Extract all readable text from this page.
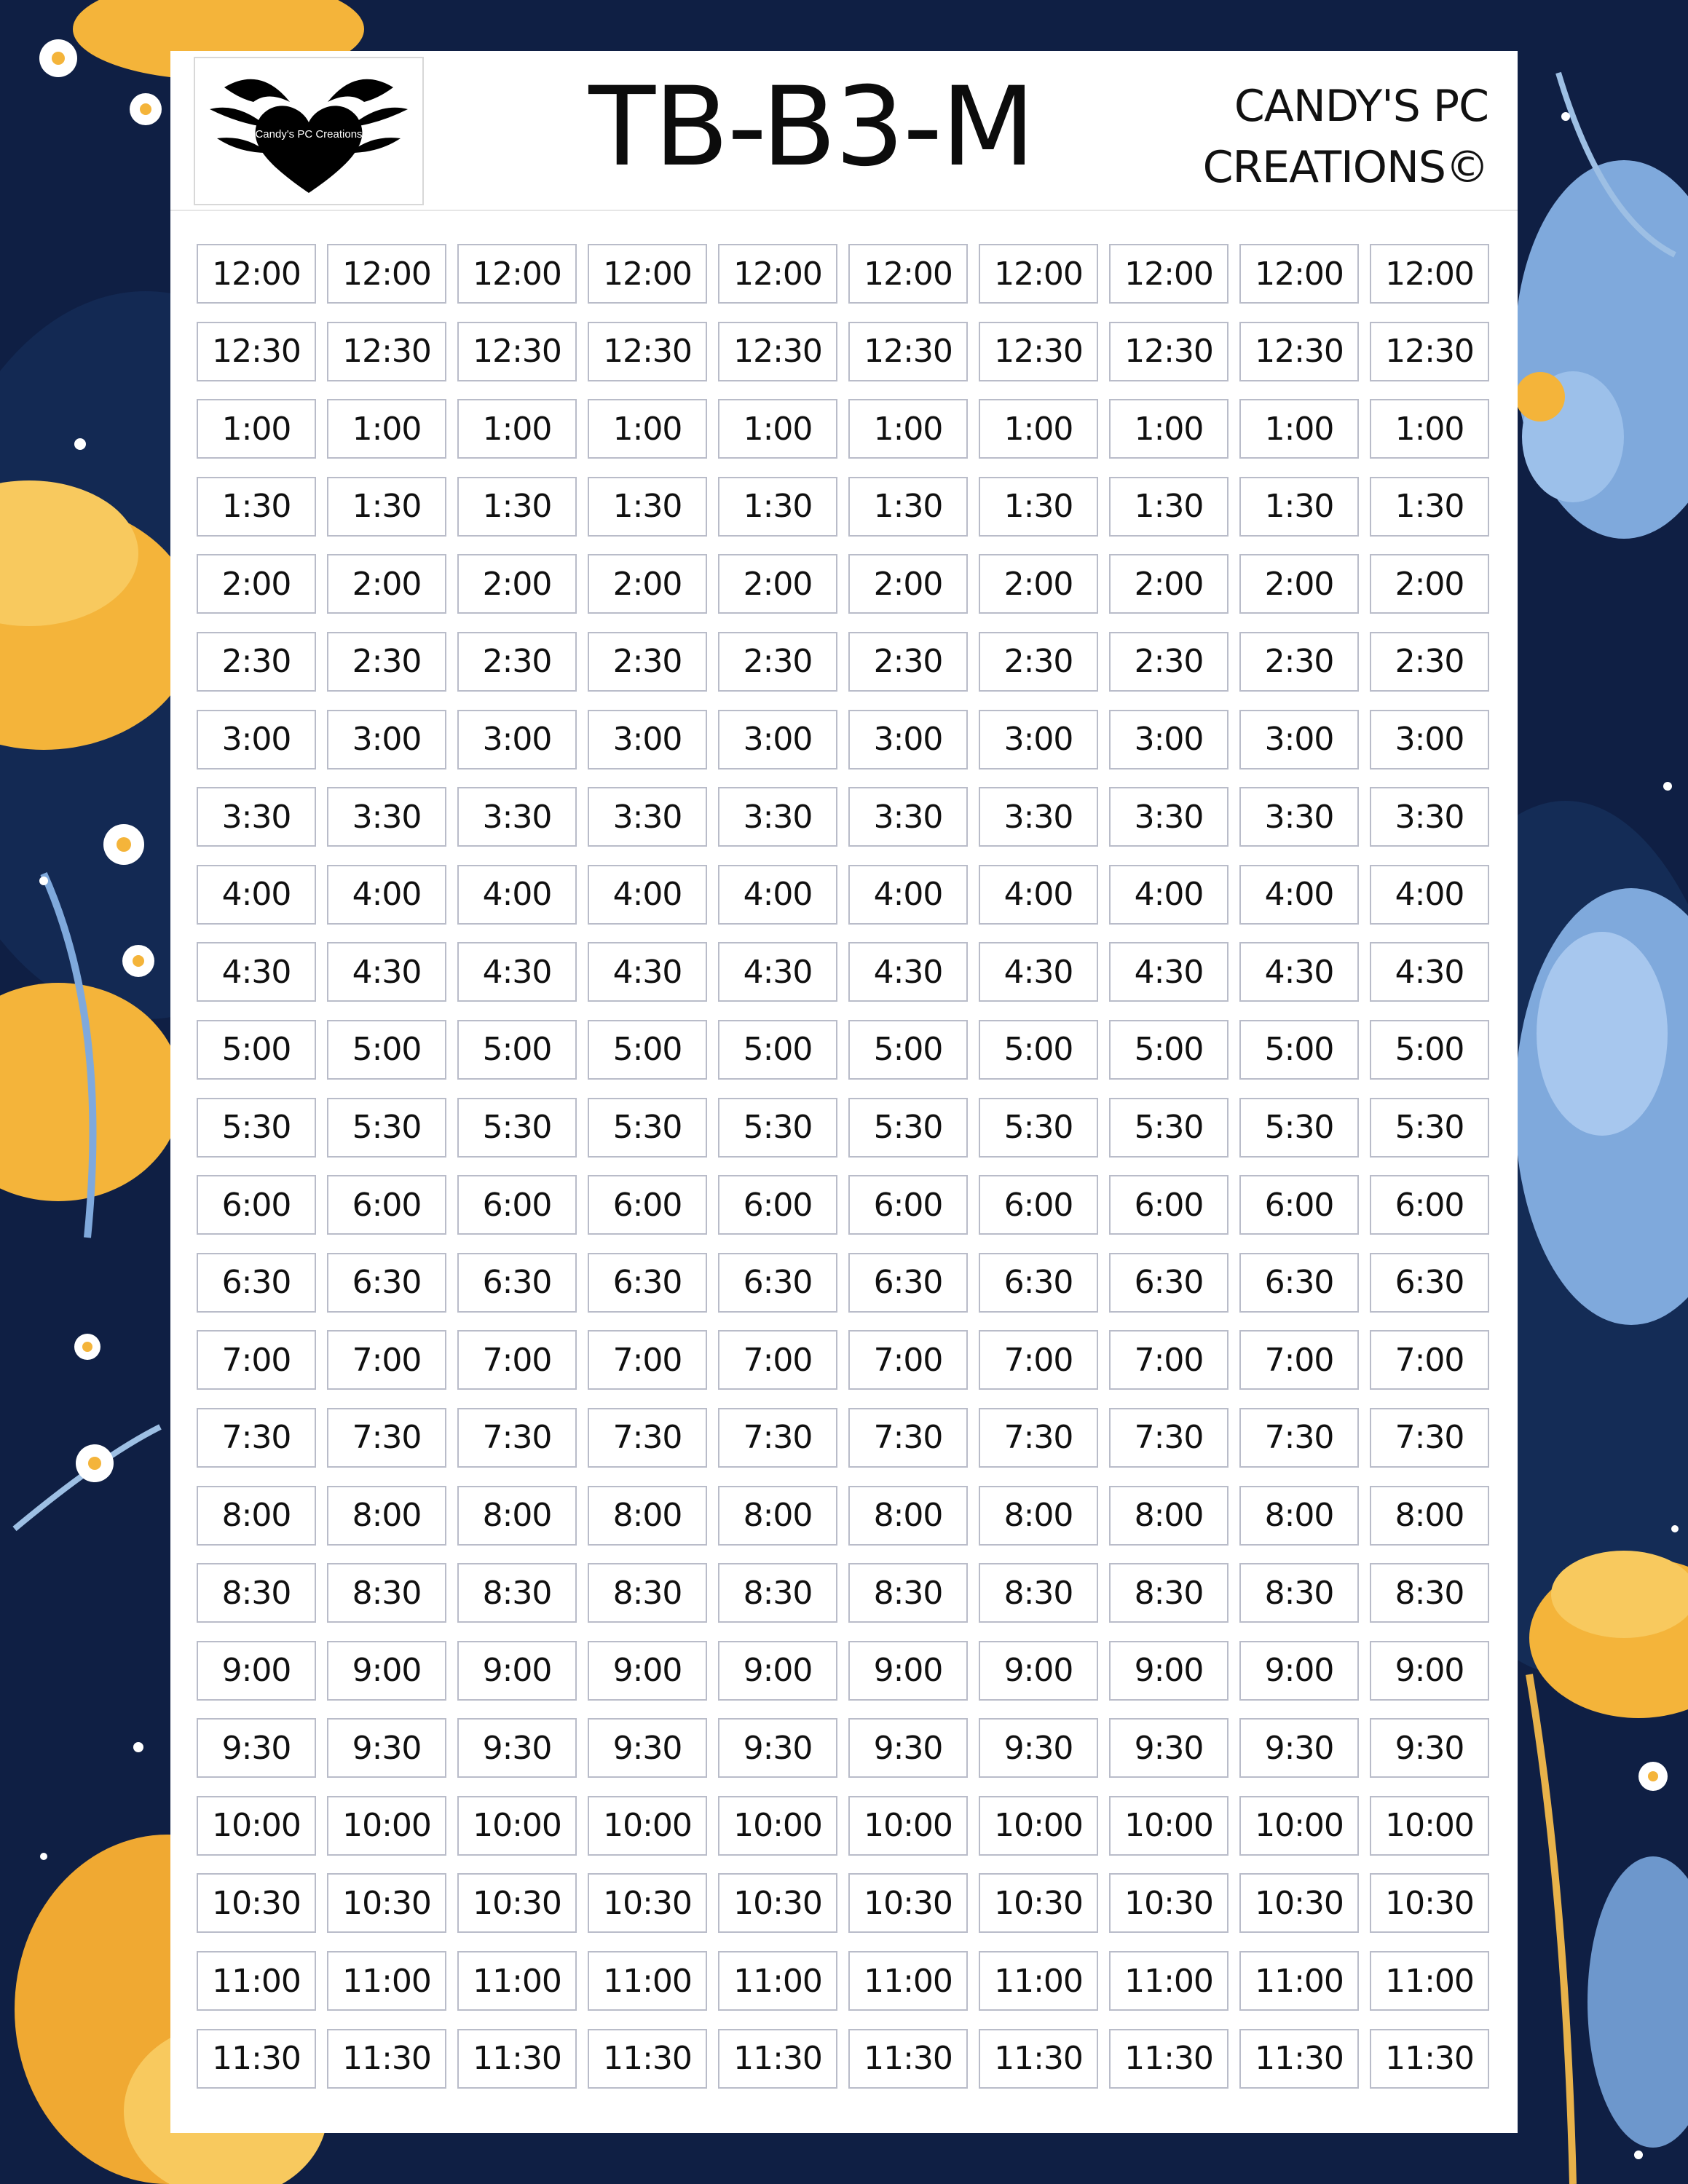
Candy's PC Creations	TB-B3-M	CANDY'S PC
CREATIONS©
12:00	12:00	12:00	12:00	12:00	12:00	12:00	12:00	12:00	12:00
12:30	12:30	12:30	12:30	12:30	12:30	12:30	12:30	12:30	12:30
1:00	1:00	1:00	1:00	1:00	1:00	1:00	1:00	1:00	1:00
1:30	1:30	1:30	1:30	1:30	1:30	1:30	1:30	1:30	1:30
2:00	2:00	2:00	2:00	2:00	2:00	2:00	2:00	2:00	2:00
2:30	2:30	2:30	2:30	2:30	2:30	2:30	2:30	2:30	2:30
3:00	3:00	3:00	3:00	3:00	3:00	3:00	3:00	3:00	3:00
3:30	3:30	3:30	3:30	3:30	3:30	3:30	3:30	3:30	3:30
4:00	4:00	4:00	4:00	4:00	4:00	4:00	4:00	4:00	4:00
4:30	4:30	4:30	4:30	4:30	4:30	4:30	4:30	4:30	4:30
5:00	5:00	5:00	5:00	5:00	5:00	5:00	5:00	5:00	5:00
5:30	5:30	5:30	5:30	5:30	5:30	5:30	5:30	5:30	5:30
6:00	6:00	6:00	6:00	6:00	6:00	6:00	6:00	6:00	6:00
6:30	6:30	6:30	6:30	6:30	6:30	6:30	6:30	6:30	6:30
7:00	7:00	7:00	7:00	7:00	7:00	7:00	7:00	7:00	7:00
7:30	7:30	7:30	7:30	7:30	7:30	7:30	7:30	7:30	7:30
8:00	8:00	8:00	8:00	8:00	8:00	8:00	8:00	8:00	8:00
8:30	8:30	8:30	8:30	8:30	8:30	8:30	8:30	8:30	8:30
9:00	9:00	9:00	9:00	9:00	9:00	9:00	9:00	9:00	9:00
9:30	9:30	9:30	9:30	9:30	9:30	9:30	9:30	9:30	9:30
10:00	10:00	10:00	10:00	10:00	10:00	10:00	10:00	10:00	10:00
10:30	10:30	10:30	10:30	10:30	10:30	10:30	10:30	10:30	10:30
11:00	11:00	11:00	11:00	11:00	11:00	11:00	11:00	11:00	11:00
11:30	11:30	11:30	11:30	11:30	11:30	11:30	11:30	11:30	11:30
